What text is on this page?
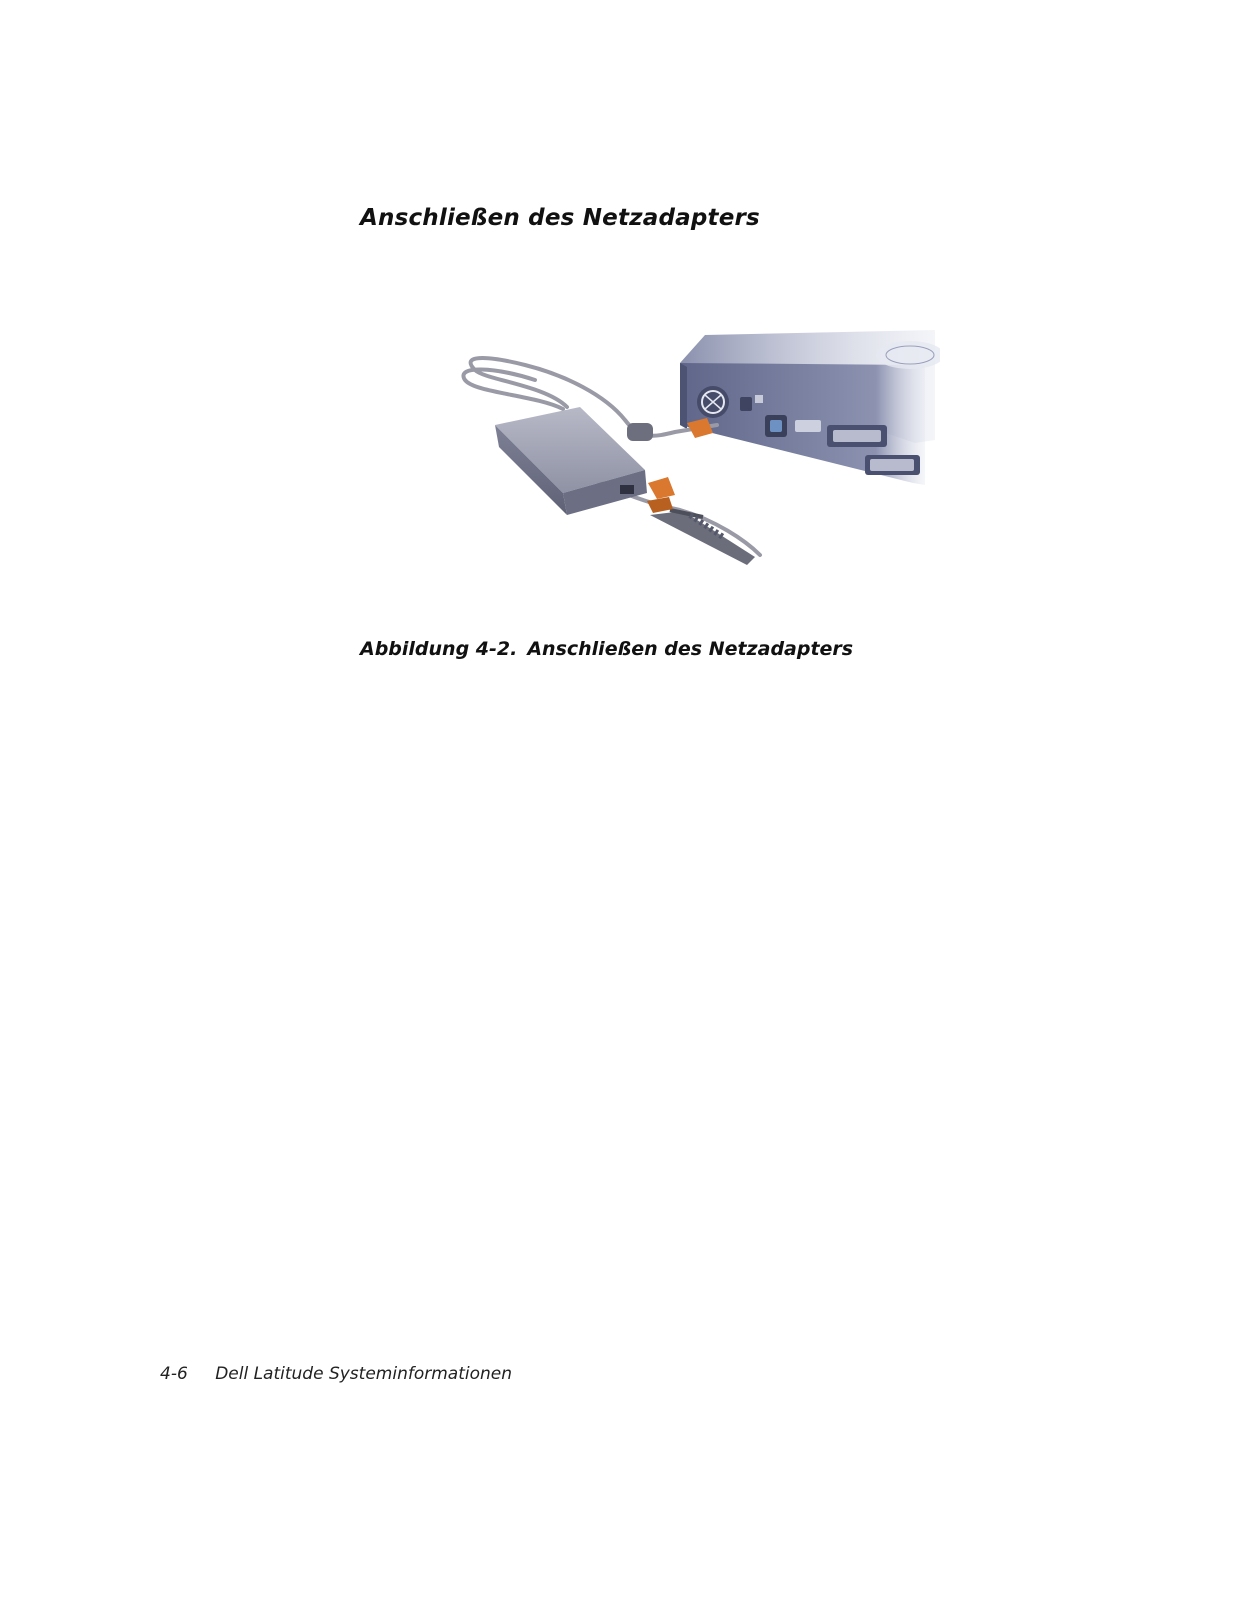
Anschließen des Netzadapters

Abbildung 4-2. Anschließen des Netzadapters

4-6 Dell Latitude Systeminformationen
